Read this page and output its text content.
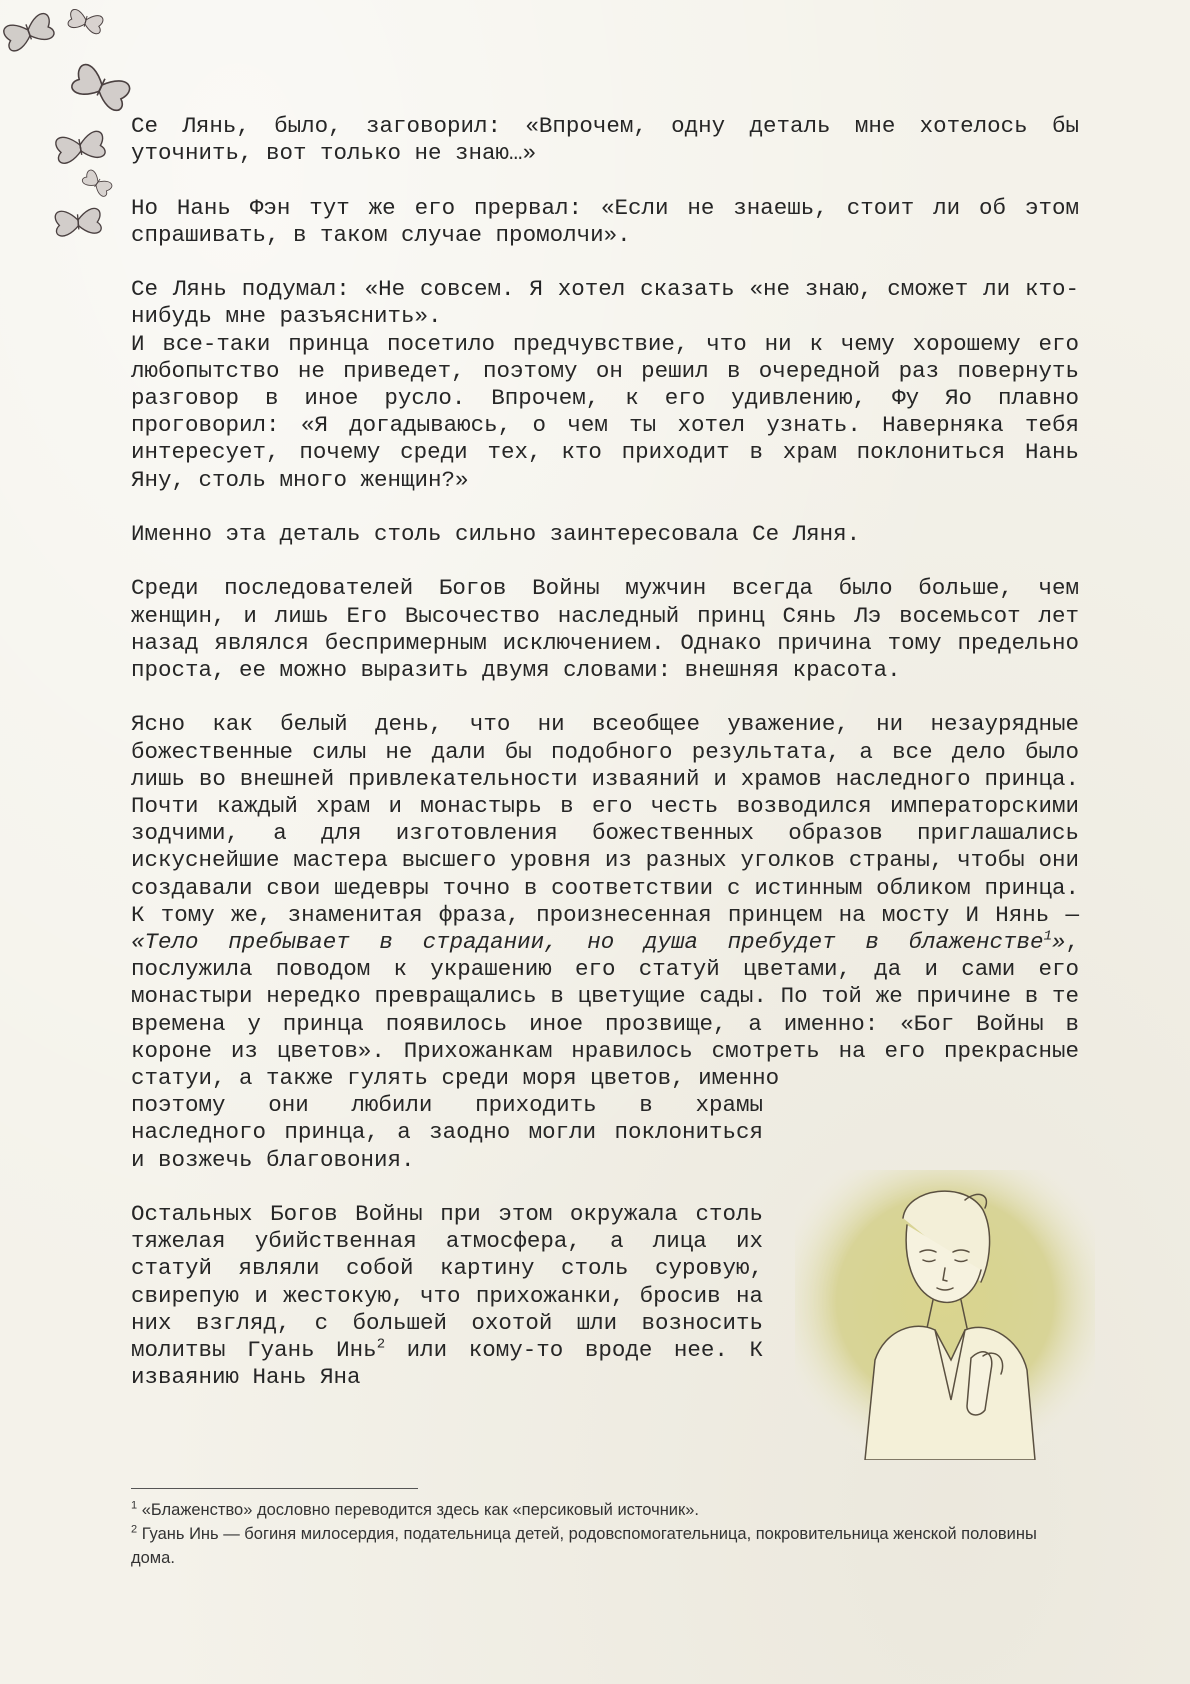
Се Лянь, было, заговорил: «Впрочем, одну деталь мне хотелось бы уточнить, вот только не знаю…»

Но Нань Фэн тут же его прервал: «Если не знаешь, стоит ли об этом спрашивать, в таком случае промолчи».

Се Лянь подумал: «Не совсем. Я хотел сказать «не знаю, сможет ли кто-нибудь мне разъяснить».

И все-таки принца посетило предчувствие, что ни к чему хорошему его любопытство не приведет, поэтому он решил в очередной раз повернуть разговор в иное русло. Впрочем, к его удивлению, Фу Яо плавно проговорил: «Я догадываюсь, о чем ты хотел узнать. Наверняка тебя интересует, почему среди тех, кто приходит в храм поклониться Нань Яну, столь много женщин?»

Именно эта деталь столь сильно заинтересовала Се Ляня.

Среди последователей Богов Войны мужчин всегда было больше, чем женщин, и лишь Его Высочество наследный принц Сянь Лэ восемьсот лет назад являлся беспримерным исключением. Однако причина тому предельно проста, ее можно выразить двумя словами: внешняя красота.

Ясно как белый день, что ни всеобщее уважение, ни незаурядные божественные силы не дали бы подобного результата, а все дело было лишь во внешней привлекательности изваяний и храмов наследного принца. Почти каждый храм и монастырь в его честь возводился императорскими зодчими, а для изготовления божественных образов приглашались искуснейшие мастера высшего уровня из разных уголков страны, чтобы они создавали свои шедевры точно в соответствии с истинным обликом принца. К тому же, знаменитая фраза, произнесенная принцем на мосту И Нянь — «Тело пребывает в страдании, но душа пребудет в блаженстве$^1$», послужила поводом к украшению его статуй цветами, да и сами его монастыри нередко превращались в цветущие сады. По той же причине в те времена у принца появилось иное прозвище, а именно: «Бог Войны в короне из цветов». Прихожанкам нравилось смотреть на его прекрасные статуи, а также гулять среди моря цветов, именно

поэтому они любили приходить в храмы наследного принца, а заодно могли поклониться и возжечь благовония.

Остальных Богов Войны при этом окружала столь тяжелая убийственная атмосфера, а лица их статуй являли собой картину столь суровую, свирепую и жестокую, что прихожанки, бросив на них взгляд, с большей охотой шли возносить молитвы Гуань Инь$^2$ или кому-то вроде нее. К изваянию Нань Яна

$^1$ «Блаженство» дословно переводится здесь как «персиковый источник».
$^2$ Гуань Инь — богиня милосердия, подательница детей, родовспомогательница, покровительница женской половины дома.
